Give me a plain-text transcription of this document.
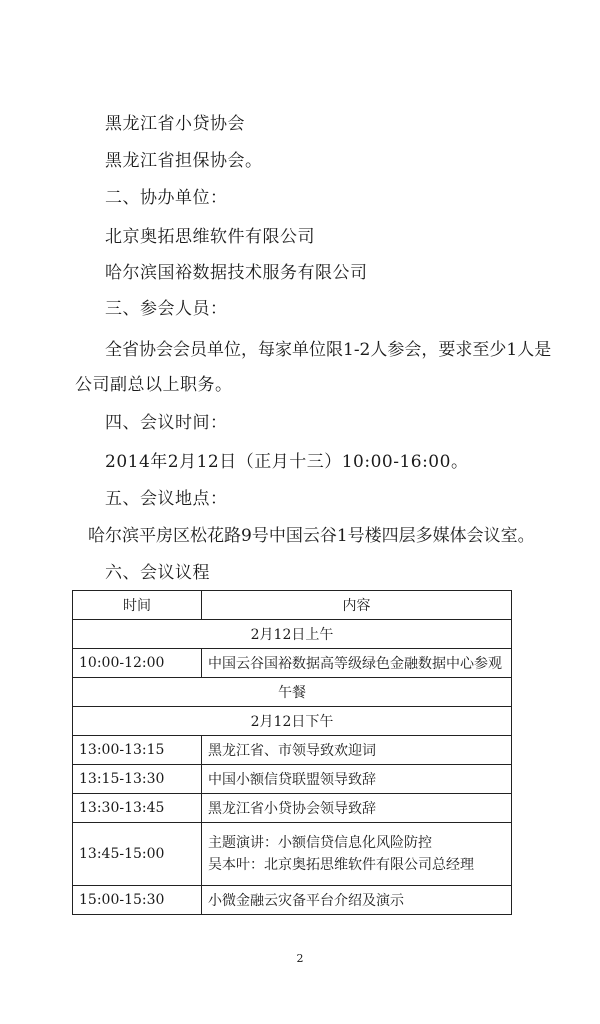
黑龙江省小贷协会
黑龙江省担保协会。
二、协办单位：
北京奥拓思维软件有限公司
哈尔滨国裕数据技术服务有限公司
三、参会人员：
全省协会会员单位，每家单位限1-2人参会，要求至少1人是
公司副总以上职务。
四、会议时间：
2014年2月12日（正月十三）10:00-16:00。
五、会议地点：
哈尔滨平房区松花路9号中国云谷1号楼四层多媒体会议室。
六、会议议程
时间	内容
2月12日上午	
10:00-12:00	中国云谷国裕数据高等级绿色金融数据中心参观
午餐	
2月12日下午	
13:00-13:15	黑龙江省、市领导致欢迎词
13:15-13:30	中国小额信贷联盟领导致辞
13:30-13:45	黑龙江省小贷协会领导致辞
13:45-15:00	主题演讲：小额信贷信息化风险防控
吴本叶：北京奥拓思维软件有限公司总经理

15:00-15:30	小微金融云灾备平台介绍及演示
2
